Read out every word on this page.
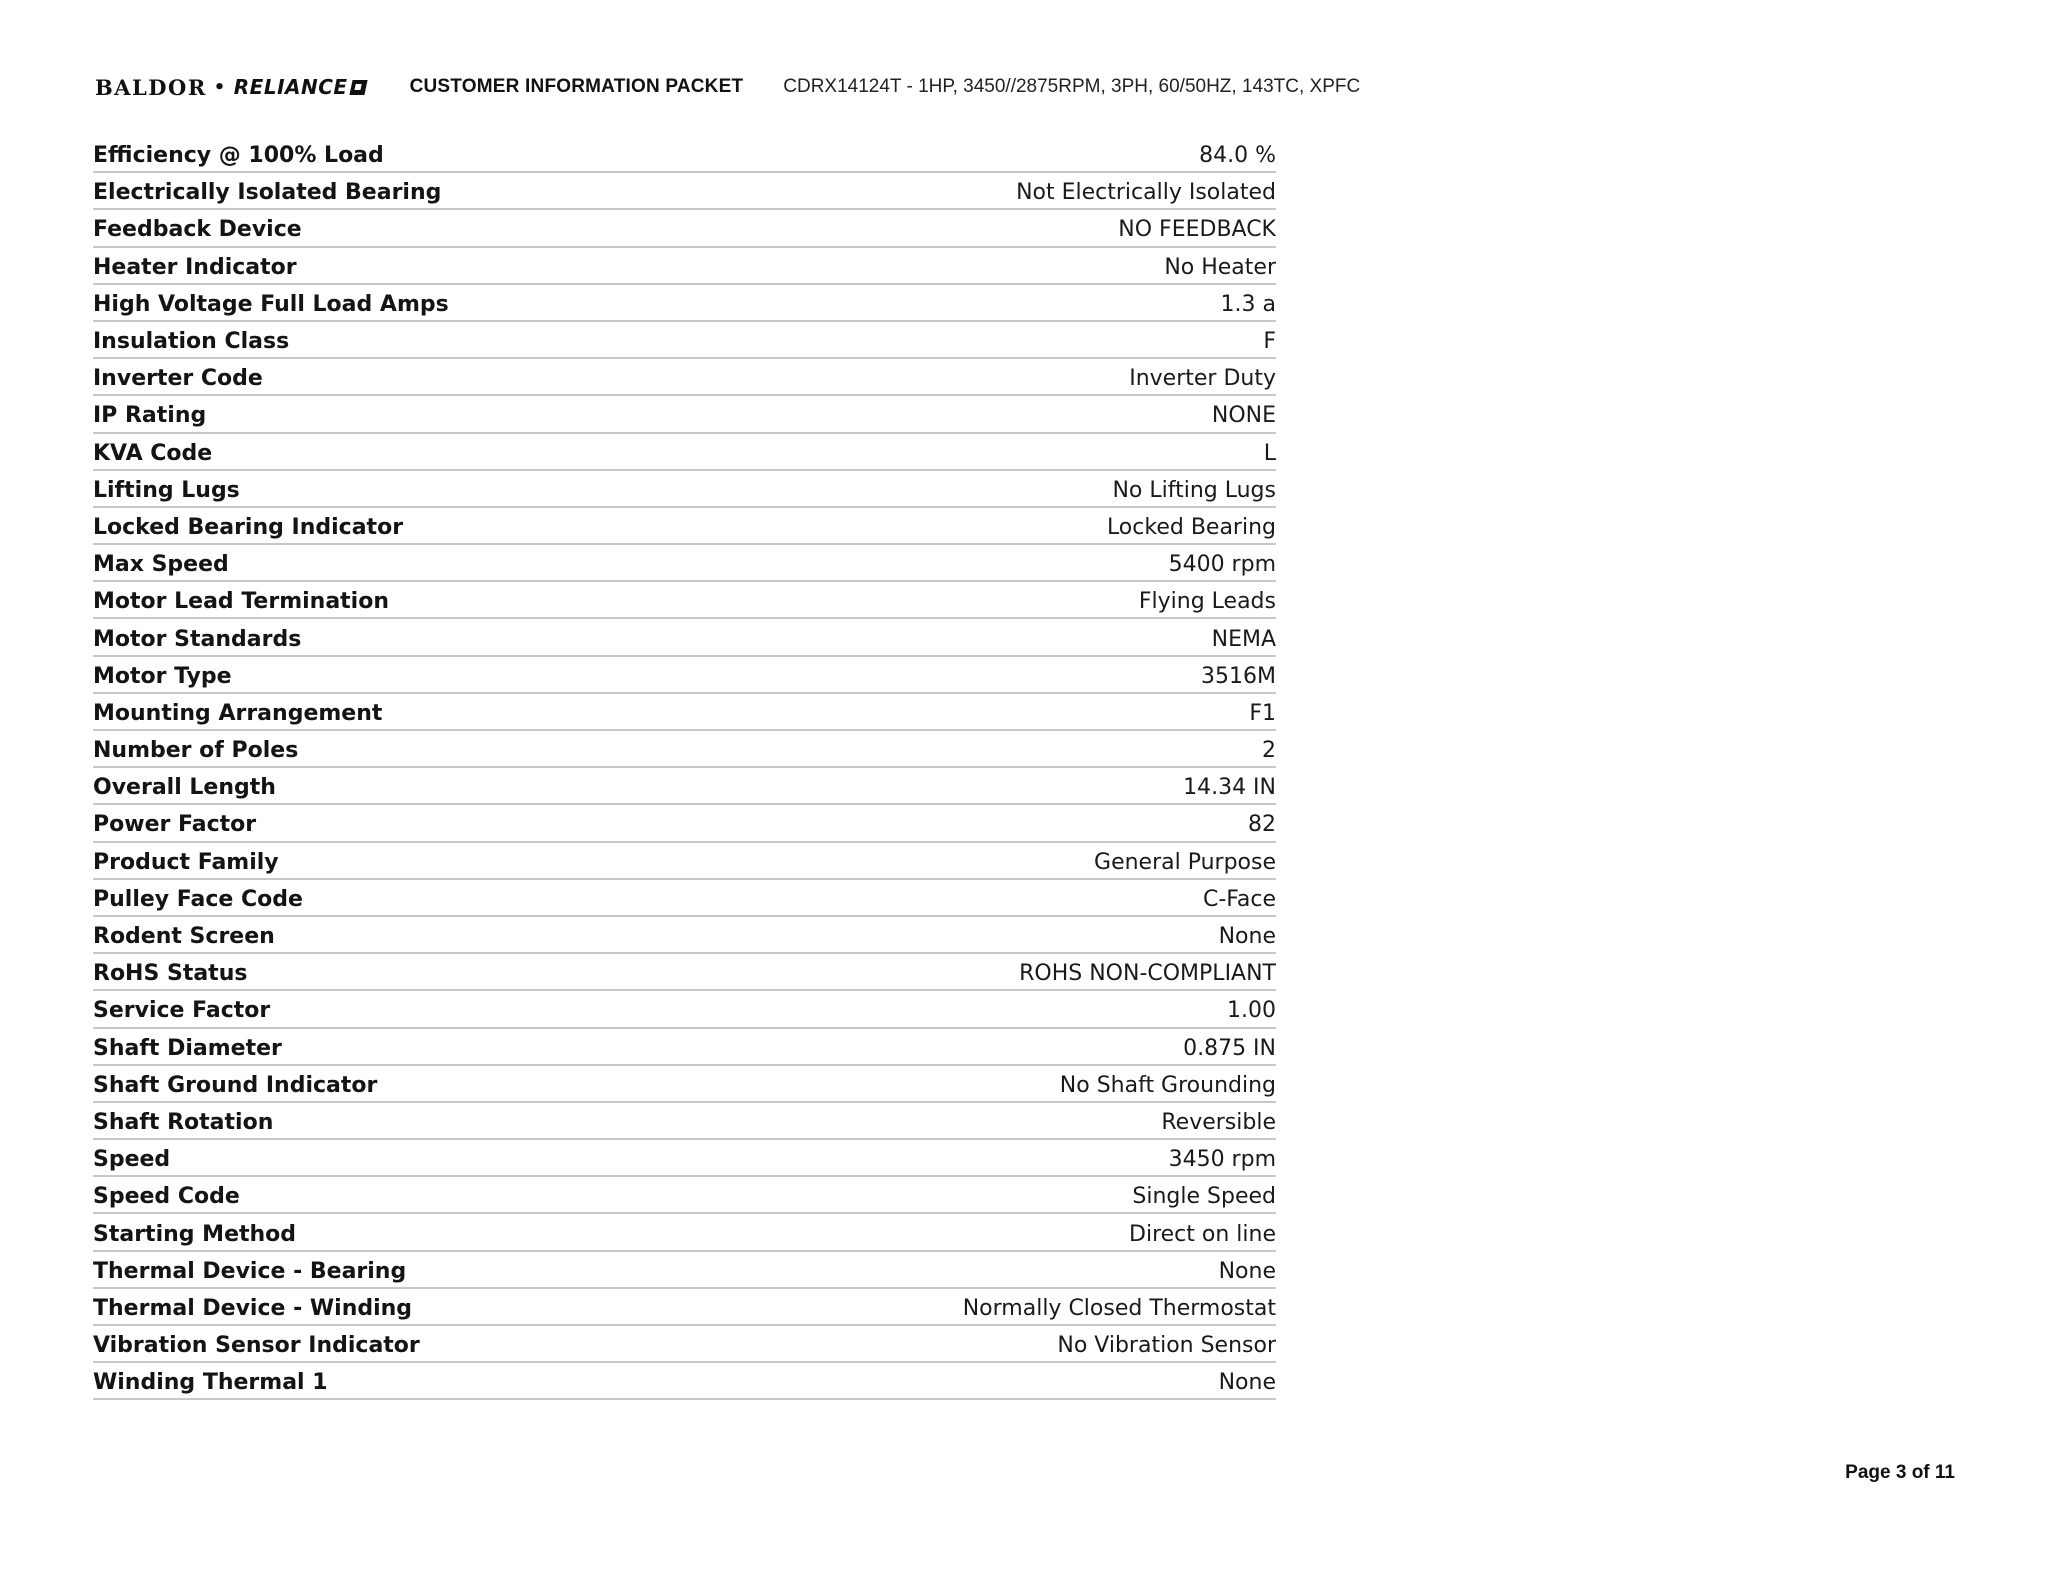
BALDOR • RELIANCE	CUSTOMER INFORMATION PACKET CDRX14124T - 1HP, 3450//2875RPM, 3PH, 60/50HZ, 143TC, XPFC
Efficiency @ 100% Load	84.0 %
Electrically Isolated Bearing	Not Electrically Isolated
Feedback Device	NO FEEDBACK
Heater Indicator	No Heater
High Voltage Full Load Amps	1.3 a
Insulation Class	F
Inverter Code	Inverter Duty
IP Rating	NONE
KVA Code	L
Lifting Lugs	No Lifting Lugs
Locked Bearing Indicator	Locked Bearing
Max Speed	5400 rpm
Motor Lead Termination	Flying Leads
Motor Standards	NEMA
Motor Type	3516M
Mounting Arrangement	F1
Number of Poles	2
Overall Length	14.34 IN
Power Factor	82
Product Family	General Purpose
Pulley Face Code	C-Face
Rodent Screen	None
RoHS Status	ROHS NON-COMPLIANT
Service Factor	1.00
Shaft Diameter	0.875 IN
Shaft Ground Indicator	No Shaft Grounding
Shaft Rotation	Reversible
Speed	3450 rpm
Speed Code	Single Speed
Starting Method	Direct on line
Thermal Device - Bearing	None
Thermal Device - Winding	Normally Closed Thermostat
Vibration Sensor Indicator	No Vibration Sensor
Winding Thermal 1	None
Page 3 of 11
